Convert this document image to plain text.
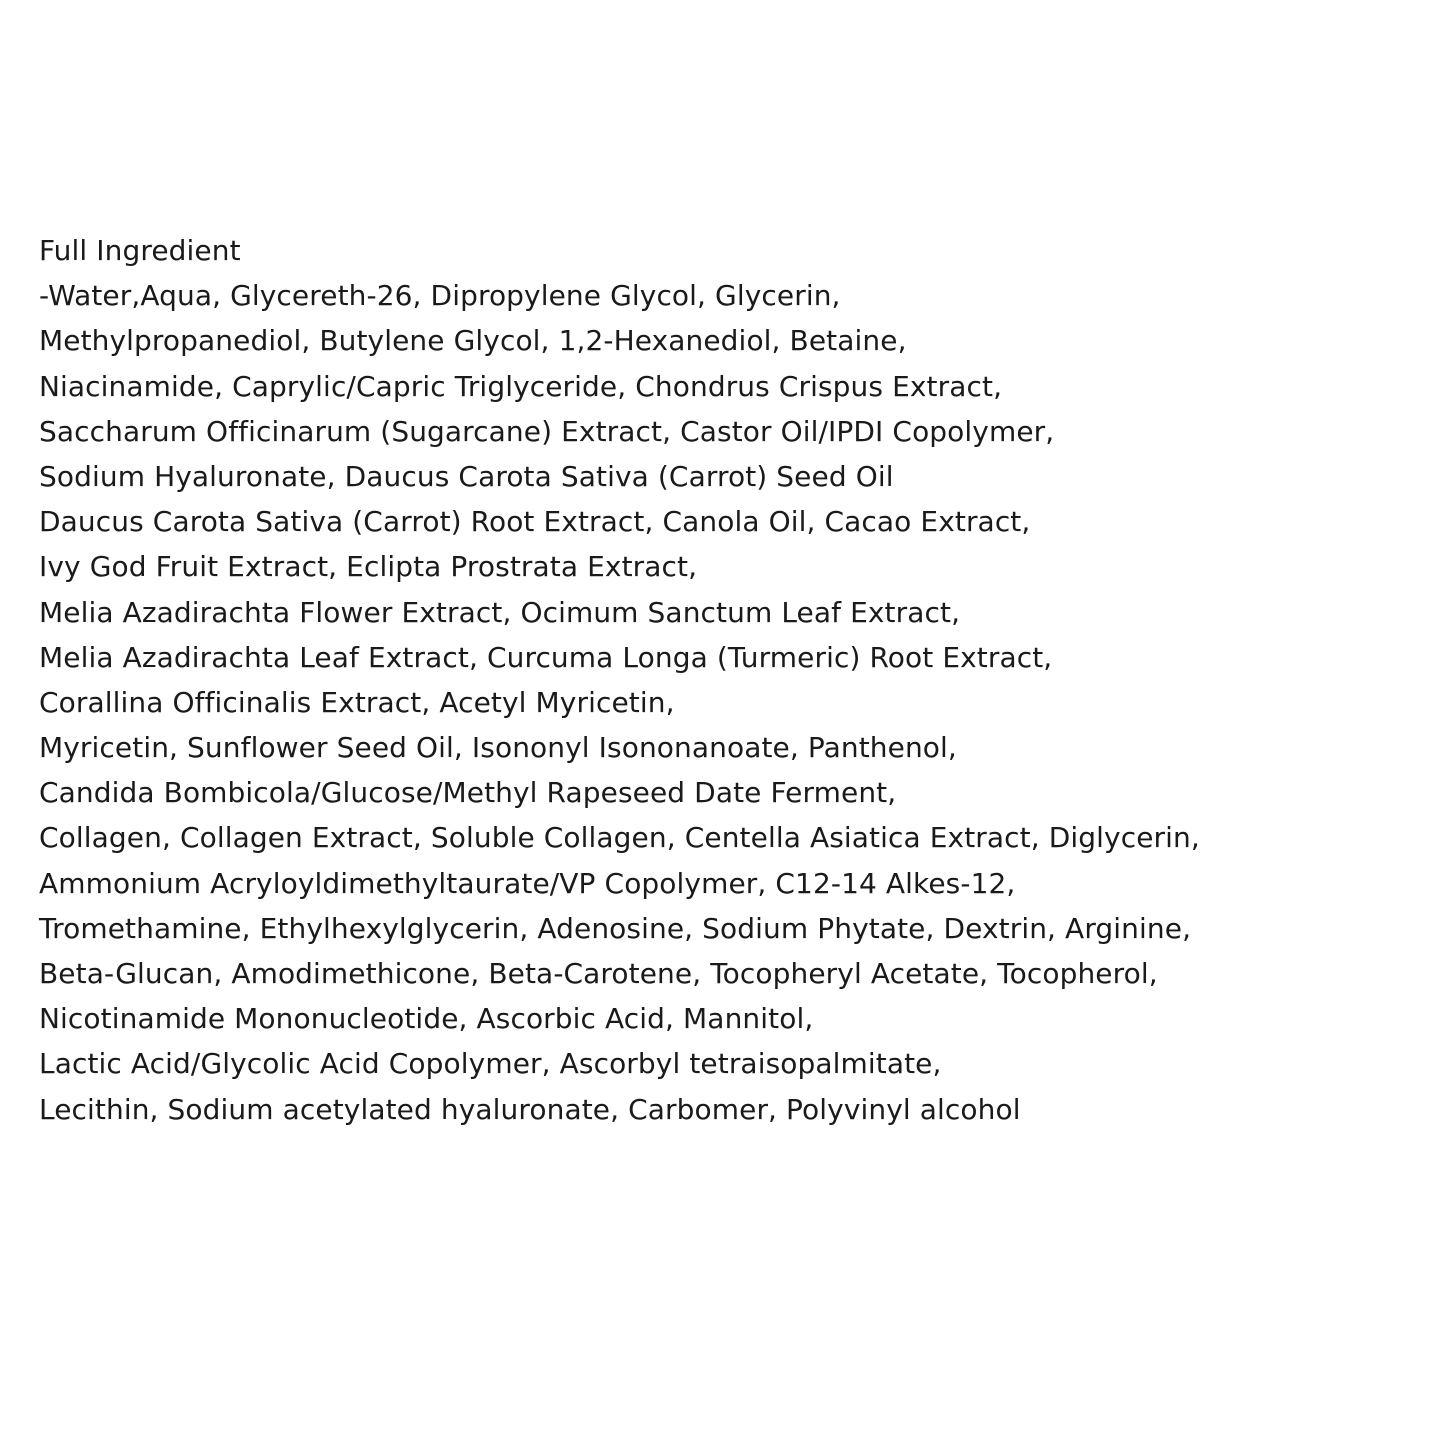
Full Ingredient
-Water,Aqua, Glycereth-26, Dipropylene Glycol, Glycerin,
Methylpropanediol, Butylene Glycol, 1,2-Hexanediol, Betaine,
Niacinamide, Caprylic/Capric Triglyceride, Chondrus Crispus Extract,
Saccharum Officinarum (Sugarcane) Extract, Castor Oil/IPDI Copolymer,
Sodium Hyaluronate, Daucus Carota Sativa (Carrot) Seed Oil
Daucus Carota Sativa (Carrot) Root Extract, Canola Oil, Cacao Extract,
Ivy God Fruit Extract, Eclipta Prostrata Extract,
Melia Azadirachta Flower Extract, Ocimum Sanctum Leaf Extract,
Melia Azadirachta Leaf Extract, Curcuma Longa (Turmeric) Root Extract,
Corallina Officinalis Extract, Acetyl Myricetin,
Myricetin, Sunflower Seed Oil, Isononyl Isononanoate, Panthenol,
Candida Bombicola/Glucose/Methyl Rapeseed Date Ferment,
Collagen, Collagen Extract, Soluble Collagen, Centella Asiatica Extract, Diglycerin,
Ammonium Acryloyldimethyltaurate/VP Copolymer, C12-14 Alkes-12,
Tromethamine, Ethylhexylglycerin, Adenosine, Sodium Phytate, Dextrin, Arginine,
Beta-Glucan, Amodimethicone, Beta-Carotene, Tocopheryl Acetate, Tocopherol,
Nicotinamide Mononucleotide, Ascorbic Acid, Mannitol,
Lactic Acid/Glycolic Acid Copolymer, Ascorbyl tetraisopalmitate,
Lecithin, Sodium acetylated hyaluronate, Carbomer, Polyvinyl alcohol
